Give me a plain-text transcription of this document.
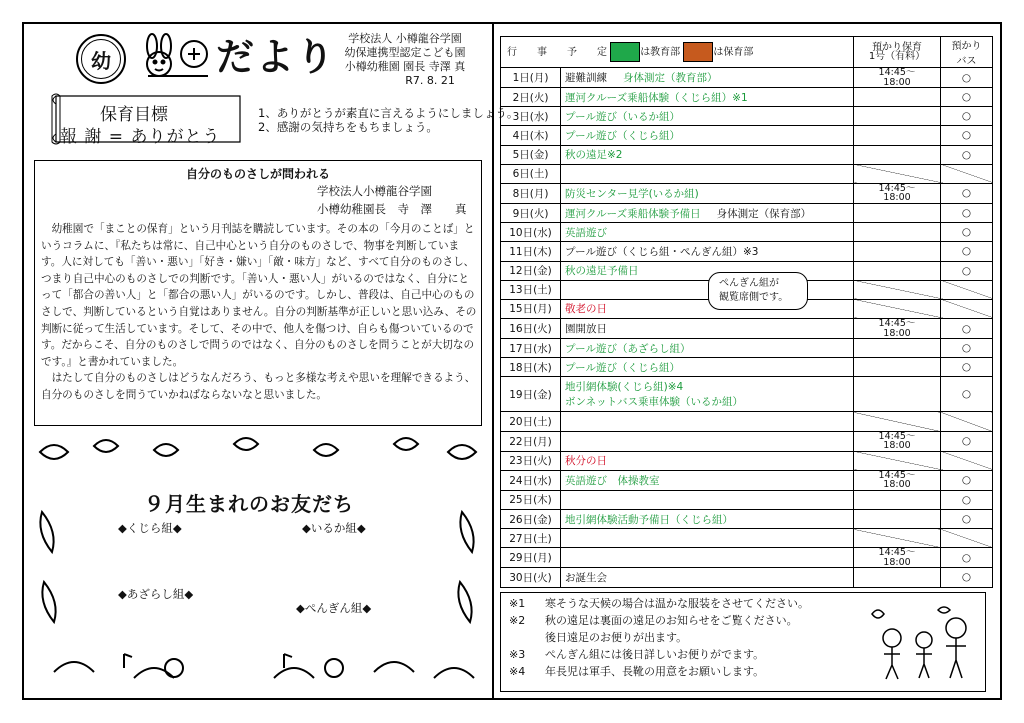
幼	だより	学校法人 小樽龍谷学園
幼保連携型認定こども園
小樽幼稚園 園長 寺澤 真
R7. 8. 21
保育目標
報 謝 = ありがとう
1、ありがとうが素直に言えるようにしましょう。
2、感謝の気持ちをもちましょう。
自分のものさしが問われる
学校法人小樽龍谷学園
小樽幼稚園長　寺　澤　　真

幼稚園で「まことの保育」という月刊誌を購読しています。その本の「今月のことば」というコラムに、『私たちは常に、自己中心という自分のものさしで、物事を判断しています。人に対しても「善い・悪い」「好き・嫌い」「敵・味方」など、すべて自分のものさし、つまり自己中心のものさしでの判断です。「善い人・悪い人」がいるのではなく、自分にとって「都合の善い人」と「都合の悪い人」がいるのです。しかし、普段は、自己中心のものさしで、判断しているという自覚はありません。自分の判断基準が正しいと思い込み、その判断に従って生活しています。そして、その中で、他人を傷つけ、自らも傷ついているのです。だからこそ、自分のものさしで問うのではなく、自分のものさしを問うことが大切なのです。』と書かれていました。

はたして自分のものさしはどうなんだろう、もっと多様な考えや思いを理解できるよう、自分のものさしを問うていかねばならないなと思いました。

９月生まれのお友だち
◆くじら組◆	◆いるか組◆
◆あざらし組◆
◆ぺんぎん組◆
行　　事　　予　　定 は教育部 は保育部		預かり保育
1号（有料）	預かり
バス
1日(月)	避難訓練 身体測定（教育部）	14:45〜
18:00	○
2日(火)	運河クルーズ乗船体験（くじら組）※1		○
3日(水)	プール遊び（いるか組）		○
4日(木)	プール遊び（くじら組）		○
5日(金)	秋の遠足※2		○
6日(土)			
8日(月)	防災センター見学(いるか組)	14:45〜
18:00	○
9日(火)	運河クルーズ乗船体験予備日 身体測定（保育部）		○
10日(水)	英語遊び		○
11日(木)	プール遊び（くじら組・ぺんぎん組）※3		○
12日(金)	秋の遠足予備日		○
13日(土)			
15日(月)	敬老の日		
16日(火)	園開放日	14:45〜
18:00	○
17日(水)	プール遊び（あざらし組）		○
18日(木)	プール遊び（くじら組）		○
19日(金)	地引網体験(くじら組)※4
ボンネットバス乗車体験（いるか組）		○
20日(土)			
22日(月)		14:45〜
18:00	○
23日(火)	秋分の日		
24日(水)	英語遊び　体操教室	14:45〜
18:00	○
25日(木)			○
26日(金)	地引網体験活動予備日（くじら組）		○
27日(土)			
29日(月)		14:45〜
18:00	○
30日(火)	お誕生会		○
ぺんぎん組が
観覧席側です。
※1	寒そうな天候の場合は温かな服装をさせてください。
※2	秋の遠足は裏面の遠足のお知らせをご覧ください。
後日遠足のお便りが出ます。
※3	ぺんぎん組には後日詳しいお便りがでます。
※4	年長児は軍手、長靴の用意をお願いします。
